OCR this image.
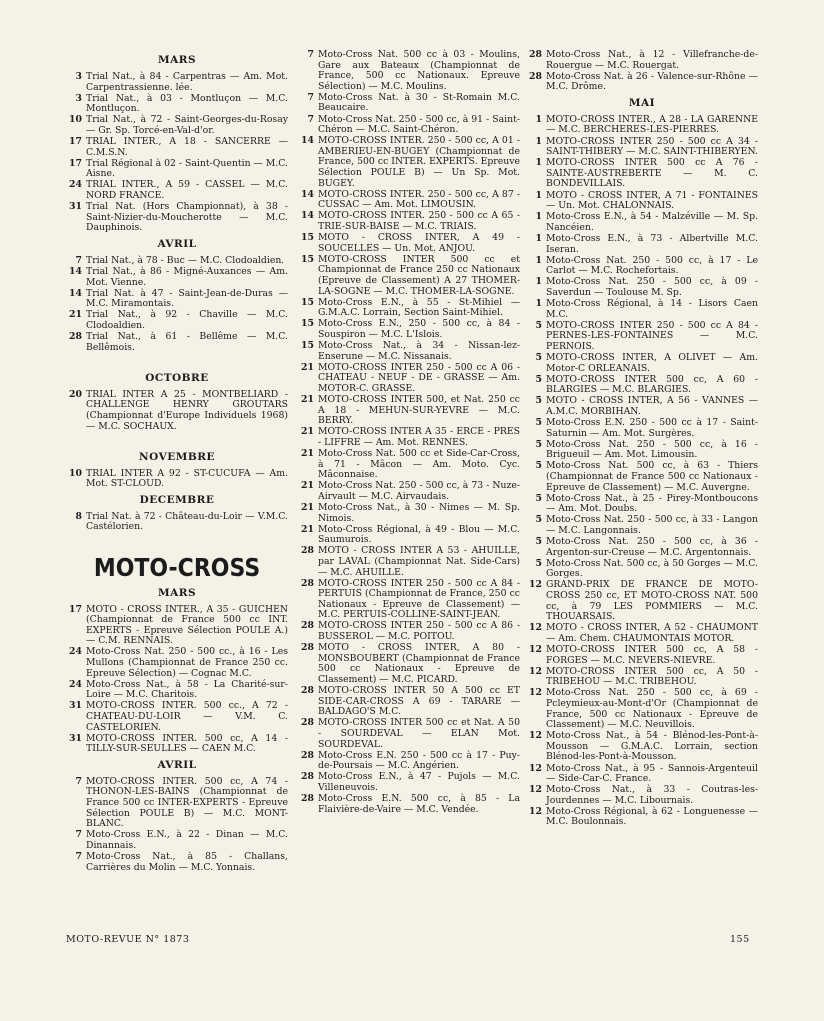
MARS
3 Trial Nat., à 84 - Carpentras — Am. Mot. Carpentrassienne. lée.
3 Trial Nat., à 03 - Montluçon — M.C. Montluçon.
10 Trial Nat., à 72 - Saint-Georges-du-Rosay — Gr. Sp. Torcé-en-Val-d'or.
17 TRIAL INTER., A 18 - SANCERRE — C.M.S.N.
17 Trial Régional à 02 - Saint-Quentin — M.C. Aisne.
24 TRIAL INTER., A 59 - CASSEL — M.C. NORD FRANCE.
31 Trial Nat. (Hors Championnat), à 38 - Saint-Nizier-du-Moucherotte — M.C. Dauphinois.
AVRIL
7 Trial Nat., à 78 - Buc — M.C. Clodoaldien.
14 Trial Nat., à 86 - Migné-Auxances — Am. Mot. Vienne.
14 Trial Nat. à 47 - Saint-Jean-de-Duras — M.C. Miramontais.
21 Trial Nat., à 92 - Chaville — M.C. Clodoaldien.
28 Trial Nat., à 61 - Bellême — M.C. Bellêmois.
OCTOBRE
20 TRIAL INTER A 25 - MONTBELIARD - CHALLENGE HENRY GROUTARS (Championnat d'Europe Individuels 1968) — M.C. SOCHAUX.
NOVEMBRE
10 TRIAL INTER A 92 - ST-CUCUFA — Am. Mot. ST-CLOUD.
DECEMBRE
8 Trial Nat. à 72 - Château-du-Loir — V.M.C. Castélorien.
MOTO-CROSS
MARS
17 MOTO - CROSS INTER., A 35 - GUICHEN (Championnat de France 500 cc INT. EXPERTS - Epreuve Sélection POULE A.) — C.M. RENNAIS.
24 Moto-Cross Nat. 250 - 500 cc., à 16 - Les Mullons (Championnat de France 250 cc. Epreuve Sélection) — Cognac M.C.
24 Moto-Cross Nat., à 58 - La Charité-sur-Loire — M.C. Charitois.
31 MOTO-CROSS INTER. 500 cc., A 72 - CHATEAU-DU-LOIR — V.M. C. CASTELORIEN.
31 MOTO-CROSS INTER. 500 cc, A 14 - TILLY-SUR-SEULLES — CAEN M.C.
AVRIL
7 MOTO-CROSS INTER. 500 cc, A 74 - THONON-LES-BAINS (Championnat de France 500 cc INTER-EXPERTS - Epreuve Sélection POULE B) — M.C. MONT-BLANC.
7 Moto-Cross E.N., à 22 - Dinan — M.C. Dinannais.
7 Moto-Cross Nat., à 85 - Challans, Carrières du Molin — M.C. Yonnais.
7 Moto-Cross Nat. 500 cc à 03 - Moulins, Gare aux Bateaux (Championnat de France, 500 cc Nationaux. Epreuve Sélection) — M.C. Moulins.
7 Moto-Cross Nat. à 30 - St-Romain M.C. Beaucaire.
7 Moto-Cross Nat. 250 - 500 cc, à 91 - Saint-Chéron — M.C. Saint-Chéron.
14 MOTO-CROSS INTER. 250 - 500 cc, A 01 - AMBERIEU-EN-BUGEY (Championnat de France, 500 cc INTER. EXPERTS. Epreuve Sélection POULE B) — Un Sp. Mot. BUGEY.
14 MOTO-CROSS INTER. 250 - 500 cc, A 87 - CUSSAC — Am. Mot. LIMOUSIN.
14 MOTO-CROSS INTER. 250 - 500 cc A 65 - TRIE-SUR-BAISE — M.C. TRIAIS.
15 MOTO - CROSS INTER, A 49 - SOUCELLES — Un. Mot. ANJOU.
15 MOTO-CROSS INTER 500 cc et Championnat de France 250 cc Nationaux (Epreuve de Classement) A 27 THOMER-LA-SOGNE — M.C. THOMER-LA-SOGNE.
15 Moto-Cross E.N., à 55 - St-Mihiel — G.M.A.C. Lorrain, Section Saint-Mihiel.
15 Moto-Cross E.N., 250 - 500 cc, à 84 - Souspiron — M.C. L'Islois.
15 Moto-Cross Nat., à 34 - Nissan-lez-Enserune — M.C. Nissanais.
21 MOTO-CROSS INTER 250 - 500 cc A 06 - CHATEAU - NEUF - DE - GRASSE — Am. MOTOR-C. GRASSE.
21 MOTO-CROSS INTER 500, et Nat. 250 cc A 18 - MEHUN-SUR-YEVRE — M.C. BERRY.
21 MOTO-CROSS INTER A 35 - ERCE - PRES - LIFFRE — Am. Mot. RENNES.
21 Moto-Cross Nat. 500 cc et Side-Car-Cross, à 71 - Mâcon — Am. Moto. Cyc. Mâconnaise.
21 Moto-Cross Nat. 250 - 500 cc, à 73 - Nuze-Airvault — M.C. Airvaudais.
21 Moto-Cross Nat., à 30 - Nimes — M. Sp. Nimois.
21 Moto-Cross Régional, à 49 - Blou — M.C. Saumurois.
28 MOTO - CROSS INTER A 53 - AHUILLE, par LAVAL (Championnat Nat. Side-Cars) — M.C. AHUILLE.
28 MOTO-CROSS INTER 250 - 500 cc A 84 - PERTUIS (Championnat de France, 250 cc Nationaux - Epreuve de Classement) — M.C. PERTUIS-COLLINE-SAINT-JEAN.
28 MOTO-CROSS INTER 250 - 500 cc A 86 - BUSSEROL — M.C. POITOU.
28 MOTO - CROSS INTER, A 80 - MONSBOUBERT (Championnat de France 500 cc Nationaux - Epreuve de Classement) — M.C. PICARD.
28 MOTO-CROSS INTER 50 A 500 cc ET SIDE-CAR-CROSS A 69 - TARARE — BALDAGO'S M.C.
28 MOTO-CROSS INTER 500 cc et Nat. A 50 - SOURDEVAL — ELAN Mot. SOURDEVAL.
28 Moto-Cross E.N. 250 - 500 cc à 17 - Puy-de-Poursais — M.C. Angérien.
28 Moto-Cross E.N., à 47 - Pujols — M.C. Villeneuvois.
28 Moto-Cross E.N. 500 cc, à 85 - La Flaivière-de-Vaire — M.C. Vendée.
28 Moto-Cross Nat., à 12 - Villefranche-de-Rouergue — M.C. Rouergat.
28 Moto-Cross Nat. à 26 - Valence-sur-Rhône — M.C. Drôme.
MAI
1 MOTO-CROSS INTER., A 28 - LA GARENNE — M.C. BERCHERES-LES-PIERRES.
1 MOTO-CROSS INTER 250 - 500 cc A 34 - SAINT-THIBERY — M.C. SAINT-THIBERYEN.
1 MOTO-CROSS INTER 500 cc A 76 - SAINTE-AUSTREBERTE — M. C. BONDEVILLAIS.
1 MOTO - CROSS INTER, A 71 - FONTAINES — Un. Mot. CHALONNAIS.
1 Moto-Cross E.N., à 54 - Malzéville — M. Sp. Nancéien.
1 Moto-Cross E.N., à 73 - Albertville M.C. Iseran.
1 Moto-Cross Nat. 250 - 500 cc, à 17 - Le Carlot — M.C. Rochefortais.
1 Moto-Cross Nat. 250 - 500 cc, à 09 - Saverdun — Toulouse M. Sp.
1 Moto-Cross Régional, à 14 - Lisors Caen M.C.
5 MOTO-CROSS INTER 250 - 500 cc A 84 - PERNES-LES-FONTAINES — M.C. PERNOIS.
5 MOTO-CROSS INTER, A OLIVET — Am. Motor-C ORLEANAIS.
5 MOTO-CROSS INTER 500 cc, A 60 - BLARGIES — M.C. BLARGIES.
5 MOTO - CROSS INTER, A 56 - VANNES — A.M.C. MORBIHAN.
5 Moto-Cross E.N. 250 - 500 cc à 17 - Saint-Saturnin — Am. Mot. Surgères.
5 Moto-Cross Nat. 250 - 500 cc, à 16 - Brigueuil — Am. Mot. Limousin.
5 Moto-Cross Nat. 500 cc, à 63 - Thiers (Championnat de France 500 cc Nationaux - Epreuve de Classement) — M.C. Auvergne.
5 Moto-Cross Nat., à 25 - Pirey-Montboucons — Am. Mot. Doubs.
5 Moto-Cross Nat. 250 - 500 cc, à 33 - Langon — M.C. Langonnais.
5 Moto-Cross Nat. 250 - 500 cc, à 36 - Argenton-sur-Creuse — M.C. Argentonnais.
5 Moto-Cross Nat. 500 cc, à 50 Gorges — M.C. Gorges.
12 GRAND-PRIX DE FRANCE DE MOTO-CROSS 250 cc, ET MOTO-CROSS NAT. 500 cc, à 79 LES POMMIERS — M.C. THOUARSAIS.
12 MOTO - CROSS INTER, A 52 - CHAUMONT — Am. Chem. CHAUMONTAIS MOTOR.
12 MOTO-CROSS INTER 500 cc, A 58 - FORGES — M.C. NEVERS-NIEVRE.
12 MOTO-CROSS INTER 500 cc, A 50 - TRIBEHOU — M.C. TRIBEHOU.
12 Moto-Cross Nat. 250 - 500 cc, à 69 - Pcleymieux-au-Mont-d'Or (Championnat de France, 500 cc Nationaux - Epreuve de Classement) — M.C. Neuvillois.
12 Moto-Cross Nat., à 54 - Blénod-les-Pont-à-Mousson — G.M.A.C. Lorrain, section Blénod-les-Pont-à-Mousson.
12 Moto-Cross Nat., à 95 - Sannois-Argenteuil — Side-Car-C. France.
12 Moto-Cross Nat., à 33 - Coutras-les-Jourdennes — M.C. Libournais.
12 Moto-Cross Régional, à 62 - Longuenesse — M.C. Boulonnais.
MOTO-REVUE N° 1873	155
